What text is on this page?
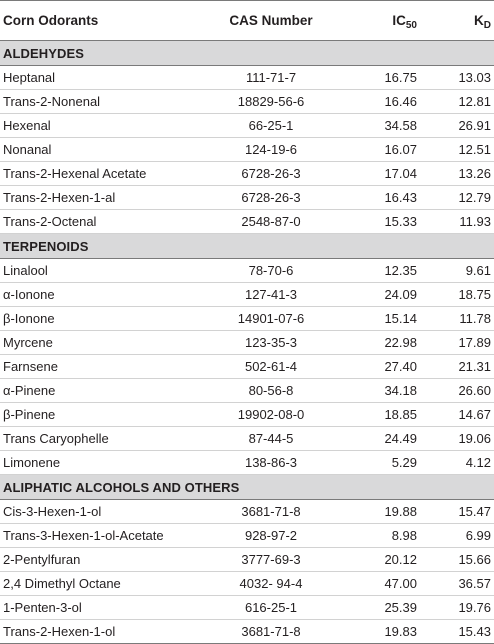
Corn Odorants	CAS Number	$IC_{50}$	$K_D$
ALDEHYDES			
Heptanal	111-71-7	16.75	13.03
Trans-2-Nonenal	18829-56-6	16.46	12.81
Hexenal	66-25-1	34.58	26.91
Nonanal	124-19-6	16.07	12.51
Trans-2-Hexenal Acetate	6728-26-3	17.04	13.26
Trans-2-Hexen-1-al	6728-26-3	16.43	12.79
Trans-2-Octenal	2548-87-0	15.33	11.93
TERPENOIDS			
Linalool	78-70-6	12.35	9.61
α-Ionone	127-41-3	24.09	18.75
β-Ionone	14901-07-6	15.14	11.78
Myrcene	123-35-3	22.98	17.89
Farnsene	502-61-4	27.40	21.31
α-Pinene	80-56-8	34.18	26.60
β-Pinene	19902-08-0	18.85	14.67
Trans Caryophelle	87-44-5	24.49	19.06
Limonene	138-86-3	5.29	4.12
ALIPHATIC ALCOHOLS AND OTHERS			
Cis-3-Hexen-1-ol	3681-71-8	19.88	15.47
Trans-3-Hexen-1-ol-Acetate	928-97-2	8.98	6.99
2-Pentylfuran	3777-69-3	20.12	15.66
2,4 Dimethyl Octane	4032- 94-4	47.00	36.57
1-Penten-3-ol	616-25-1	25.39	19.76
Trans-2-Hexen-1-ol	3681-71-8	19.83	15.43
